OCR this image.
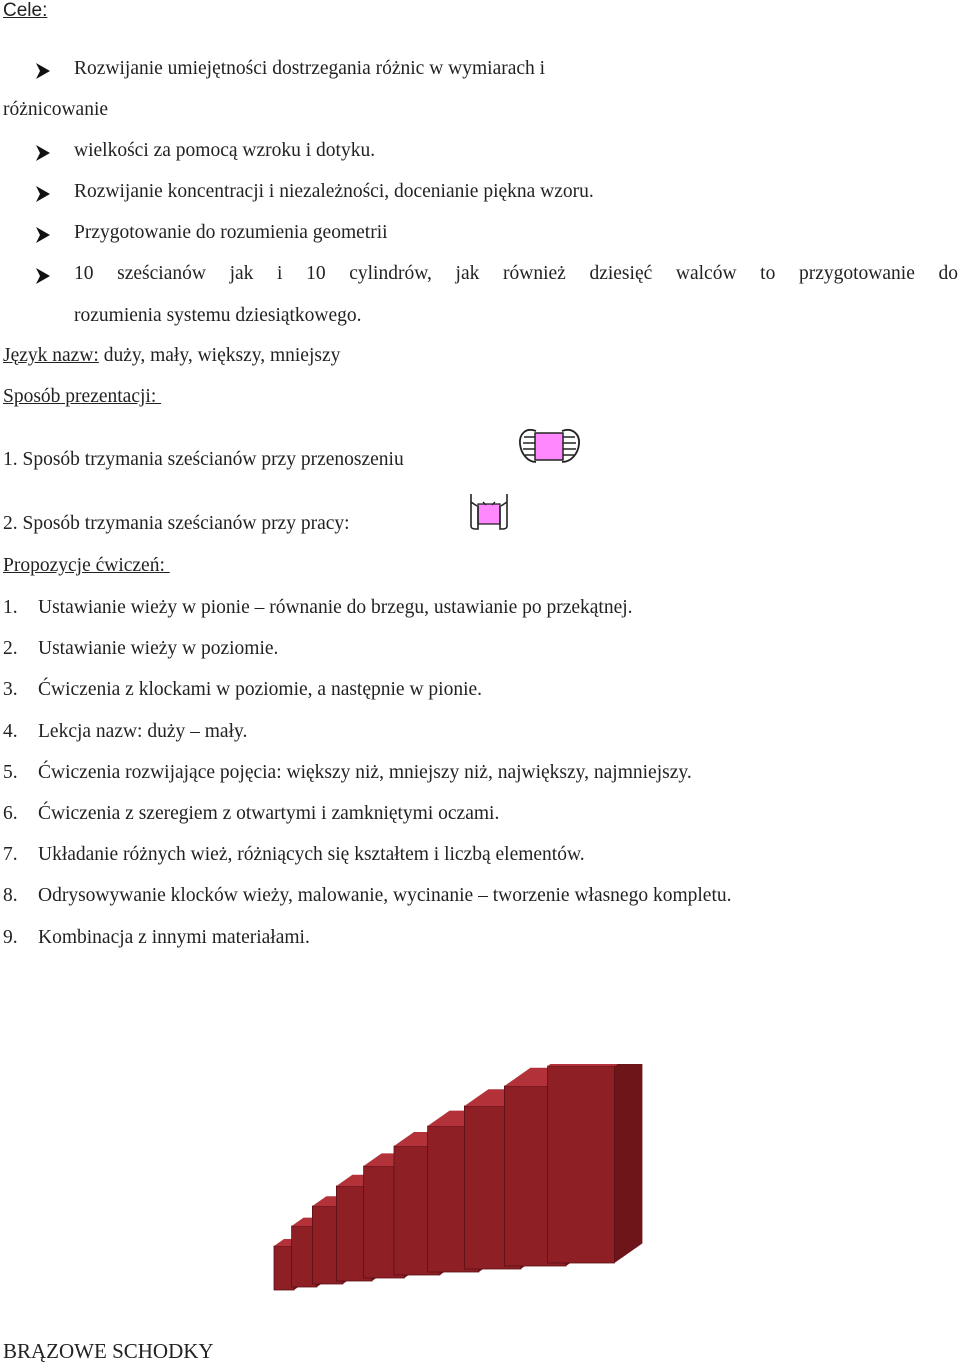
Cele:
Rozwijanie umiejętności dostrzegania różnic w wymiarach i
różnicowanie
wielkości za pomocą wzroku i dotyku.
Rozwijanie koncentracji i niezależności, docenianie piękna wzoru.
Przygotowanie do rozumienia geometrii
10 sześcianów jak i 10 cylindrów, jak również dziesięć walców to przygotowanie do
rozumienia systemu dziesiątkowego.
Język nazw: duży, mały, większy, mniejszy
Sposób prezentacji:
1. Sposób trzymania sześcianów przy przenoszeniu
2. Sposób trzymania sześcianów przy pracy:
Propozycje ćwiczeń:
1. Ustawianie wieży w pionie – równanie do brzegu, ustawianie po przekątnej.
2. Ustawianie wieży w poziomie.
3. Ćwiczenia z klockami w poziomie, a następnie w pionie.
4. Lekcja nazw: duży – mały.
5. Ćwiczenia rozwijające pojęcia: większy niż, mniejszy niż, największy, najmniejszy.
6. Ćwiczenia z szeregiem z otwartymi i zamkniętymi oczami.
7. Układanie różnych wież, różniących się kształtem i liczbą elementów.
8. Odrysowywanie klocków wieży, malowanie, wycinanie – tworzenie własnego kompletu.
9. Kombinacja z innymi materiałami.
BRĄZOWE SCHODKY
